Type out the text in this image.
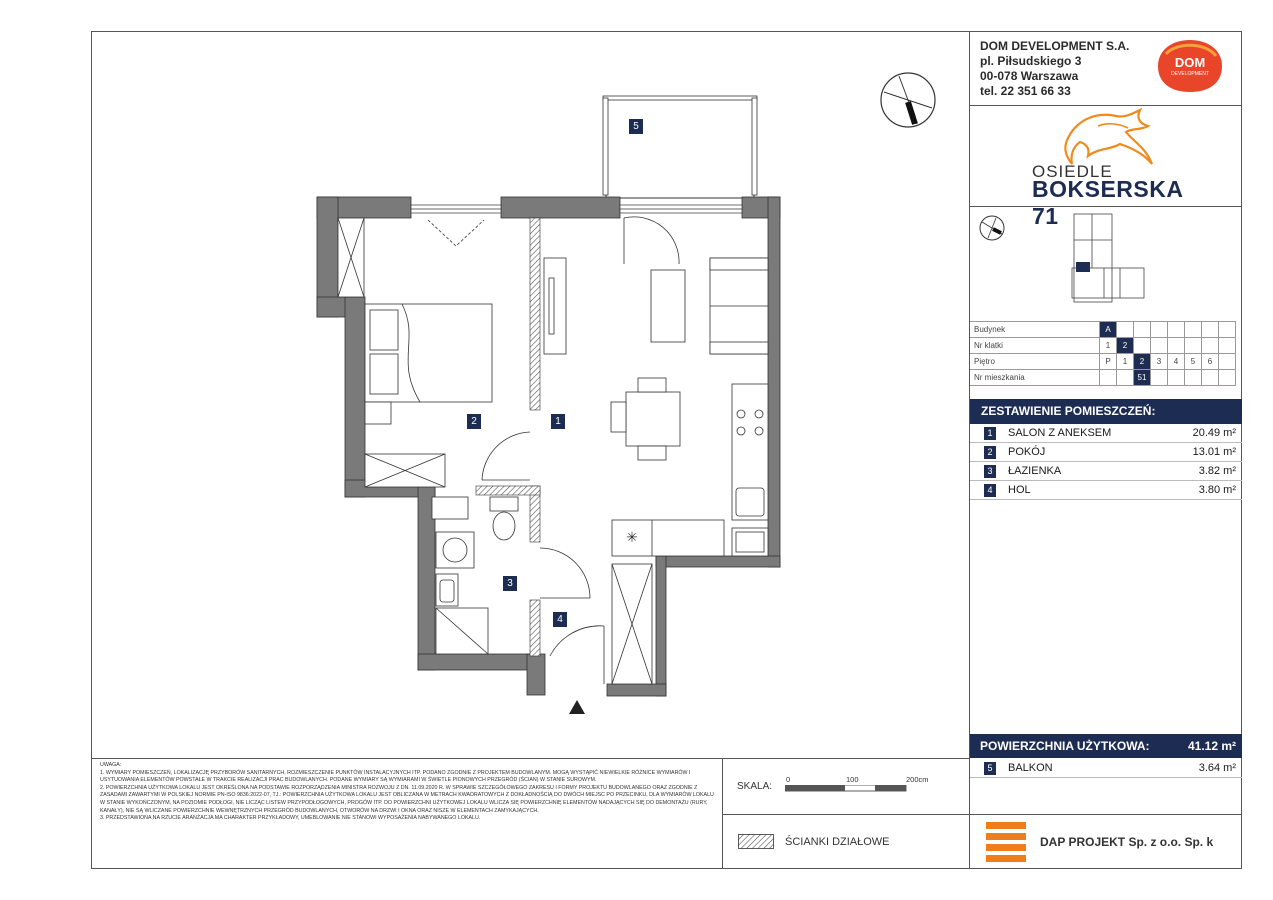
✳
1
2
3
4
5
DOM DEVELOPMENT S.A.
pl. Piłsudskiego 3
00-078 Warszawa
tel. 22 351 66 33
DOM
DEVELOPMENT
OSIEDLE
BOKSERSKA 71
Budynek	A							
Nr klatki	1	2						
Piętro	P	1	2	3	4	5	6	
Nr mieszkania			51					
ZESTAWIENIE POMIESZCZEŃ:
1	SALON Z ANEKSEM	20.49 m²
2	POKÓJ	13.01 m²
3	ŁAZIENKA	3.82 m²
4	HOL	3.80 m²
POWIERZCHNIA UŻYTKOWA:	41.12 m²
5	BALKON	3.64 m²
UWAGA:
1. WYMIARY POMIESZCZEŃ, LOKALIZACJĘ PRZYBORÓW SANITARNYCH, ROZMIESZCZENIE PUNKTÓW INSTALACYJNYCH ITP. PODANO ZGODNIE Z PROJEKTEM BUDOWLANYM. MOGĄ WYSTĄPIĆ NIEWIELKIE RÓŻNICE WYMIARÓW I USYTUOWANIA ELEMENTÓW POWSTAŁE W TRAKCIE REALIZACJI PRAC BUDOWLANYCH. PODANE WYMIARY SĄ WYMIARAMI W ŚWIETLE PIONOWYCH PRZEGRÓD (ŚCIAN) W STANIE SUROWYM.
2. POWIERZCHNIA UŻYTKOWA LOKALU JEST OKREŚLONA NA PODSTAWIE ROZPORZĄDZENIA MINISTRA ROZWOJU Z DN. 11.09.2020 R. W SPRAWIE SZCZEGÓŁOWEGO ZAKRESU I FORMY PROJEKTU BUDOWLANEGO ORAZ ZGODNIE Z ZASADAMI ZAWARTYMI W POLSKIEJ NORMIE PN-ISO 9836:2022-07, TJ.: POWIERZCHNIA UŻYTKOWA LOKALU JEST OBLICZANA W METRACH KWADRATOWYCH Z DOKŁADNOŚCIĄ DO DWÓCH MIEJSC PO PRZECINKU, DLA WYMIARÓW LOKALU W STANIE WYKOŃCZONYM, NA POZIOMIE PODŁOGI, NIE LICZĄC LISTEW PRZYPODŁOGOWYCH, PROGÓW ITP. DO POWIERZCHNI UŻYTKOWEJ LOKALU WLICZA SIĘ POWIERZCHNIĘ ELEMENTÓW NADAJĄCYCH SIĘ DO DEMONTAŻU (RURY, KANAŁY), NIE SĄ WLICZANE POWIERZCHNIE WEWNĘTRZNYCH PRZEGRÓD BUDOWLANYCH, OTWORÓW NA DRZWI I OKNA ORAZ NISZE W ELEMENTACH ZAMYKAJĄCYCH.
3. PRZEDSTAWIONA NA RZUCIE ARANŻACJA MA CHARAKTER PRZYKŁADOWY, UMEBLOWANIE NIE STANOWI WYPOSAŻENIA NABYWANEGO LOKALU.
SKALA:
0	100	200cm
ŚCIANKI DZIAŁOWE	DAP PROJEKT Sp. z o.o. Sp. k
